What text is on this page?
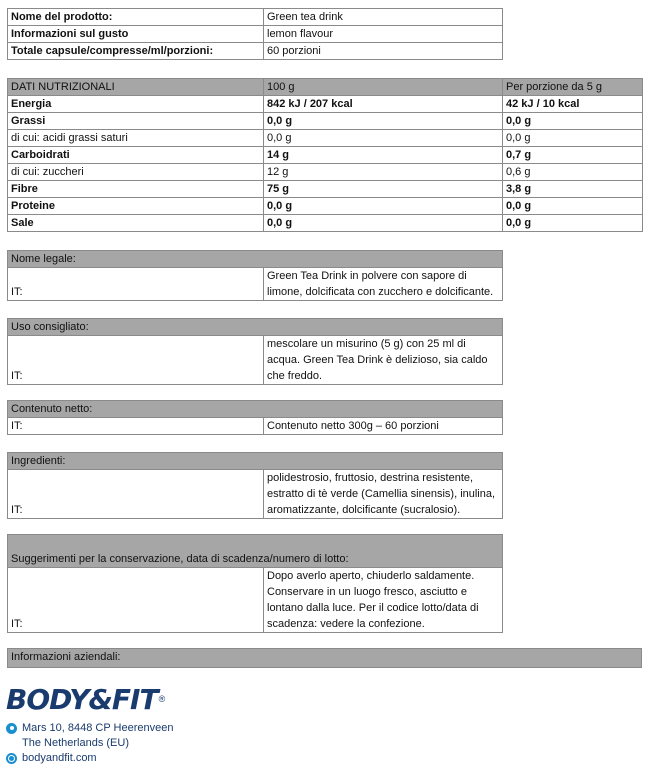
Nome del prodotto:	Green tea drink
Informazioni sul gusto	lemon flavour
Totale capsule/compresse/ml/porzioni:	60 porzioni
DATI NUTRIZIONALI	100 g	Per porzione da 5 g
Energia	842 kJ / 207 kcal	42 kJ / 10 kcal
Grassi	0,0 g	0,0 g
di cui: acidi grassi saturi	0,0 g	0,0 g
Carboidrati	14 g	0,7 g
di cui: zuccheri	12 g	0,6 g
Fibre	75 g	3,8 g
Proteine	0,0 g	0,0 g
Sale	0,0 g	0,0 g
Nome legale:
IT:	Green Tea Drink in polvere con sapore di limone, dolcificata con zucchero e dolcificante.
Uso consigliato:
IT:	mescolare un misurino (5 g) con 25 ml di acqua. Green Tea Drink è delizioso, sia caldo che freddo.
Contenuto netto:
IT:	Contenuto netto 300g – 60 porzioni
Ingredienti:
IT:	polidestrosio, fruttosio, destrina resistente, estratto di tè verde (Camellia sinensis), inulina, aromatizzante, dolcificante (sucralosio).
Suggerimenti per la conservazione, data di scadenza/numero di lotto:
IT:	Dopo averlo aperto, chiuderlo saldamente. Conservare in un luogo fresco, asciutto e lontano dalla luce. Per il codice lotto/data di scadenza: vedere la confezione.
Informazioni aziendali:
BODY&FIT ®
Mars 10, 8448 CP Heerenveen
The Netherlands (EU)
bodyandfit.com
